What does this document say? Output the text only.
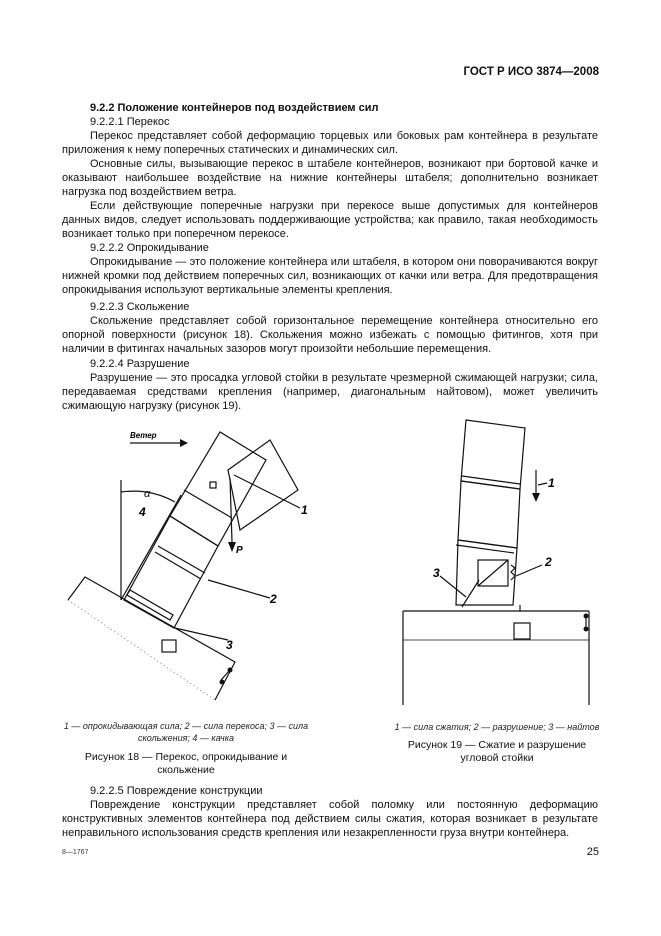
ГОСТ Р ИСО 3874—2008
9.2.2 Положение контейнеров под воздействием сил
9.2.2.1 Перекос

Перекос представляет собой деформацию торцевых или боковых рам контейнера в результате приложения к нему поперечных статических и динамических сил.

Основные силы, вызывающие перекос в штабеле контейнеров, возникают при бортовой качке и оказывают наибольшее воздействие на нижние контейнеры штабеля; дополнительно возникает нагрузка под воздействием ветра.

Если действующие поперечные нагрузки при перекосе выше допустимых для контейнеров данных видов, следует использовать поддерживающие устройства; как правило, такая необходимость возникает только при поперечном перекосе.

9.2.2.2 Опрокидывание

Опрокидывание — это положение контейнера или штабеля, в котором они поворачиваются вокруг нижней кромки под действием поперечных сил, возникающих от качки или ветра. Для предотвращения опрокидывания используют вертикальные элементы крепления.

9.2.2.3 Скольжение

Скольжение представляет собой горизонтальное перемещение контейнера относительно его опорной поверхности (рисунок 18). Скольжения можно избежать с помощью фитингов, хотя при наличии в фитингах начальных зазоров могут произойти небольшие перемещения.

9.2.2.4 Разрушение

Разрушение — это просадка угловой стойки в результате чрезмерной сжимающей нагрузки; сила, передаваемая средствами крепления (например, диагональным найтовом), может увеличить сжимающую нагрузку (рисунок 19).

Ветер
α
P
1
2
3
4
1 — опрокидывающая сила; 2 — сила перекоса; 3 — сила скольжения; 4 — качка
Рисунок 18 — Перекос, опрокидывание и скольжение
1
2
3
1 — сила сжатия; 2 — разрушение; 3 — найтов
Рисунок 19 — Сжатие и разрушение угловой стойки
9.2.2.5 Повреждение конструкции

Повреждение конструкции представляет собой поломку или постоянную деформацию конструктивных элементов контейнера под действием силы сжатия, которая возникает в результате неправильного использования средств крепления или незакрепленности груза внутри контейнера.

8—1767	25
